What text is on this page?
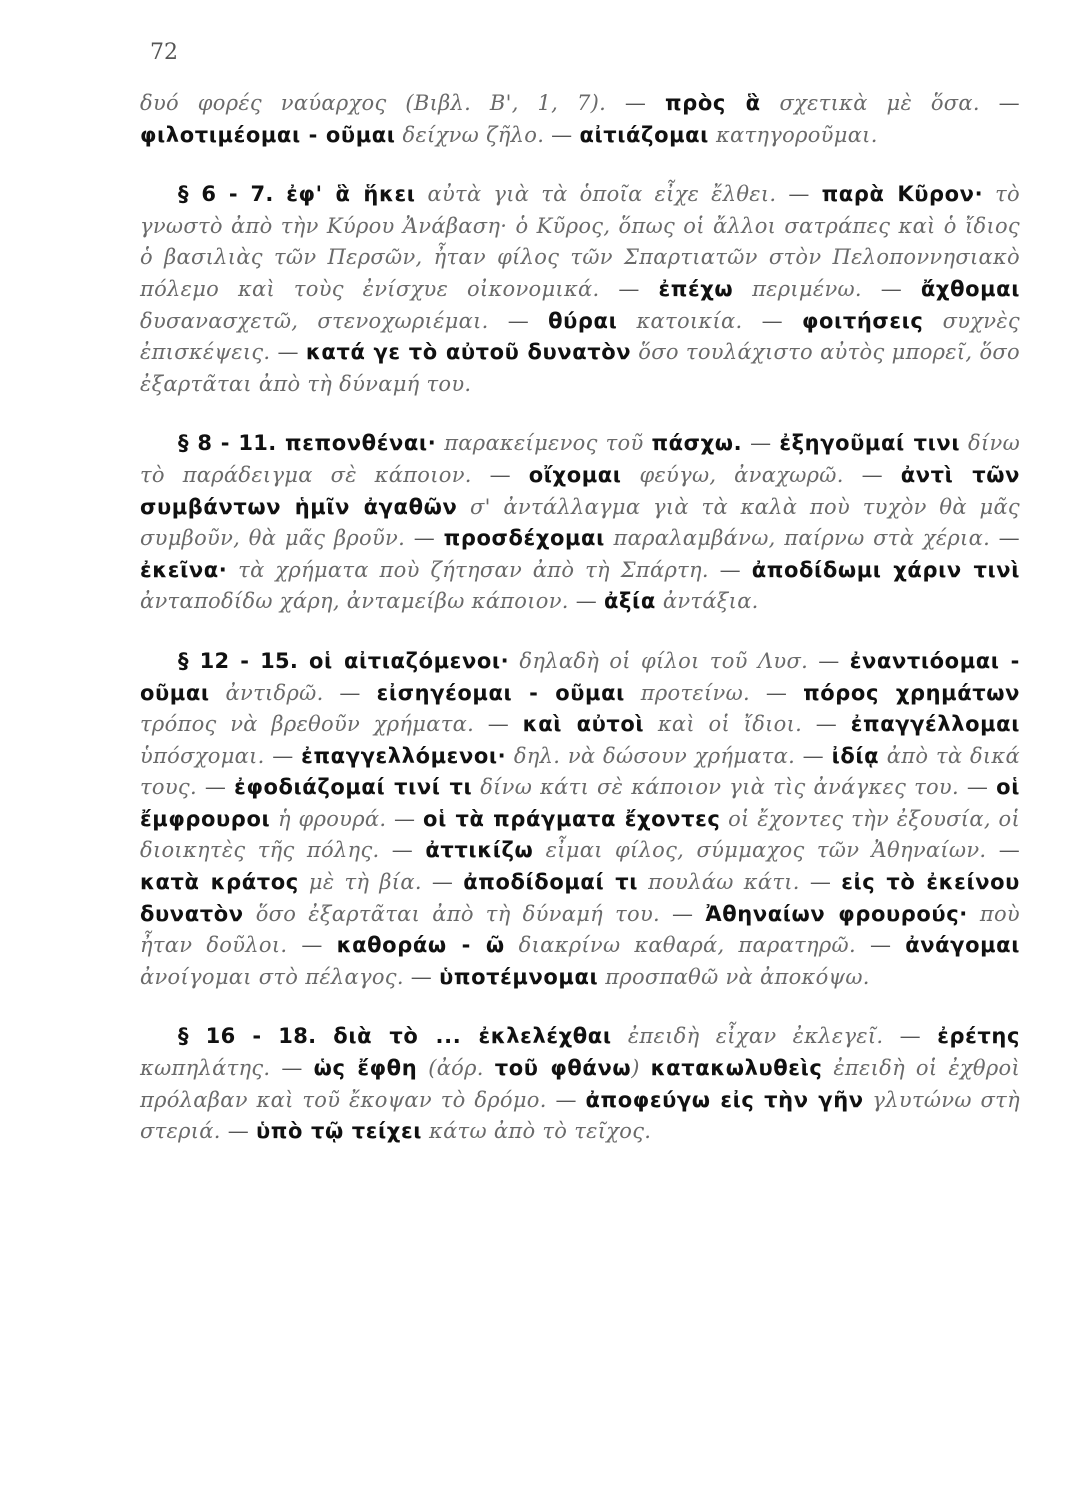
72

δυό φορές ναύαρχος (Βιβλ. Β', 1, 7). — πρὸς ἃ σχετικὰ μὲ ὅσα. — φιλοτιμέομαι - οῦμαι δείχνω ζῆλο. — αἰτιάζομαι κατηγοροῦμαι.

§ 6 - 7. ἐφ' ἃ ἥκει αὐτὰ γιὰ τὰ ὁποῖα εἶχε ἔλθει. — παρὰ Κῦρον· τὸ γνωστὸ ἀπὸ τὴν Κύρου Ἀνάβαση· ὁ Κῦρος, ὅπως οἱ ἄλλοι σατράπες καὶ ὁ ἴδιος ὁ βασιλιὰς τῶν Περσῶν, ἦταν φίλος τῶν Σπαρτιατῶν στὸν Πελοποννησιακὸ πόλεμο καὶ τοὺς ἐνίσχυε οἰκονομικά. — ἐπέχω περιμένω. — ἄχθομαι δυσανασχετῶ, στενοχωριέμαι. — θύραι κατοικία. — φοιτήσεις συχνὲς ἐπισκέψεις. — κατά γε τὸ αὐτοῦ δυνατὸν ὅσο τουλάχιστο αὐτὸς μπορεῖ, ὅσο ἐξαρτᾶται ἀπὸ τὴ δύναμή του.

§ 8 - 11. πεπονθέναι· παρακείμενος τοῦ πάσχω. — ἐξηγοῦμαί τινι δίνω τὸ παράδειγμα σὲ κάποιον. — οἴχομαι φεύγω, ἀναχωρῶ. — ἀντὶ τῶν συμβάντων ἡμῖν ἀγαθῶν σ' ἀντάλλαγμα γιὰ τὰ καλὰ ποὺ τυχὸν θὰ μᾶς συμβοῦν, θὰ μᾶς βροῦν. — προσδέχομαι παραλαμβάνω, παίρνω στὰ χέρια. — ἐκεῖνα· τὰ χρήματα ποὺ ζήτησαν ἀπὸ τὴ Σπάρτη. — ἀποδίδωμι χάριν τινὶ ἀνταποδίδω χάρη, ἀνταμείβω κάποιον. — ἀξία ἀντάξια.

§ 12 - 15. οἱ αἰτιαζόμενοι· δηλαδὴ οἱ φίλοι τοῦ Λυσ. — ἐναντιόομαι - οῦμαι ἀντιδρῶ. — εἰσηγέομαι - οῦμαι προτείνω. — πόρος χρημάτων τρόπος νὰ βρεθοῦν χρήματα. — καὶ αὐτοὶ καὶ οἱ ἴδιοι. — ἐπαγγέλλομαι ὑπόσχομαι. — ἐπαγγελλόμενοι· δηλ. νὰ δώσουν χρήματα. — ἰδίᾳ ἀπὸ τὰ δικά τους. — ἐφοδιάζομαί τινί τι δίνω κάτι σὲ κάποιον γιὰ τὶς ἀνάγκες του. — οἱ ἔμφρουροι ἡ φρουρά. — οἱ τὰ πράγματα ἔχοντες οἱ ἔχοντες τὴν ἐξουσία, οἱ διοικητὲς τῆς πόλης. — ἀττικίζω εἶμαι φίλος, σύμμαχος τῶν Ἀθηναίων. — κατὰ κράτος μὲ τὴ βία. — ἀποδίδομαί τι πουλάω κάτι. — εἰς τὸ ἐκείνου δυνατὸν ὅσο ἐξαρτᾶται ἀπὸ τὴ δύναμή του. — Ἀθηναίων φρουρούς· ποὺ ἦταν δοῦλοι. — καθοράω - ῶ διακρίνω καθαρά, παρατηρῶ. — ἀνάγομαι ἀνοίγομαι στὸ πέλαγος. — ὑποτέμνομαι προσπαθῶ νὰ ἀποκόψω.

§ 16 - 18. διὰ τὸ ... ἐκλελέχθαι ἐπειδὴ εἶχαν ἐκλεγεῖ. — ἐρέτης κωπηλάτης. — ὡς ἔφθη (ἀόρ. τοῦ φθάνω) κατακωλυθεὶς ἐπειδὴ οἱ ἐχθροὶ πρόλαβαν καὶ τοῦ ἔκοψαν τὸ δρόμο. — ἀποφεύγω εἰς τὴν γῆν γλυτώνω στὴ στεριά. — ὑπὸ τῷ τείχει κάτω ἀπὸ τὸ τεῖχος.
